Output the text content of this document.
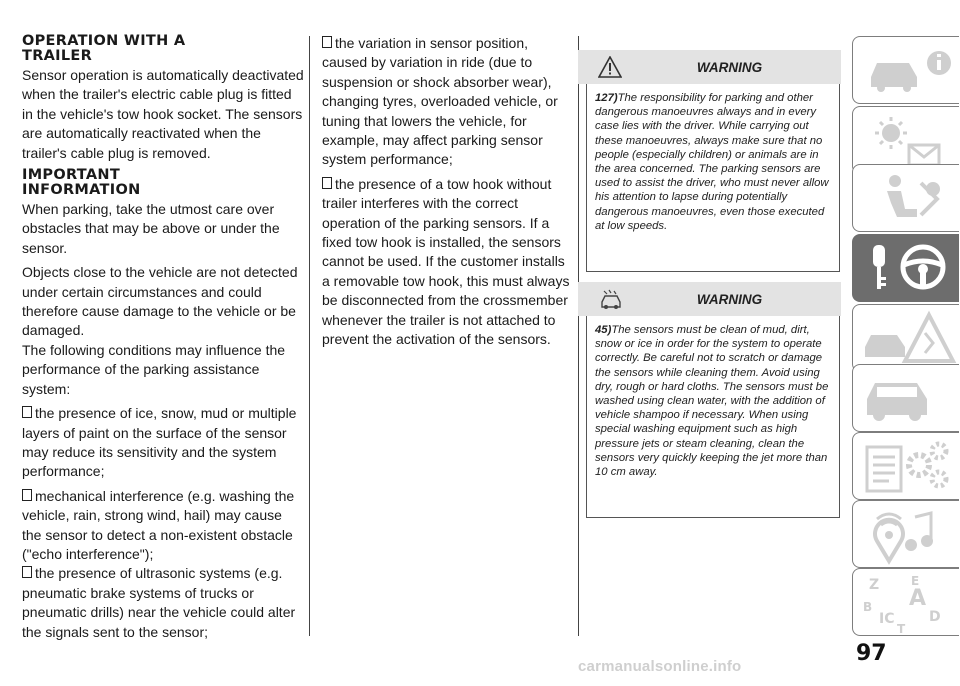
OPERATION WITH A TRAILER

Sensor operation is automatically deactivated when the trailer's electric cable plug is fitted in the vehicle's tow hook socket. The sensors are automatically reactivated when the trailer's cable plug is removed.

IMPORTANT INFORMATION

When parking, take the utmost care over obstacles that may be above or under the sensor.

Objects close to the vehicle are not detected under certain circumstances and could therefore cause damage to the vehicle or be damaged.

The following conditions may influence the performance of the parking assistance system:

the presence of ice, snow, mud or multiple layers of paint on the surface of the sensor may reduce its sensitivity and the system performance;

mechanical interference (e.g. washing the vehicle, rain, strong wind, hail) may cause the sensor to detect a non-existent obstacle ("echo interference");

the presence of ultrasonic systems (e.g. pneumatic brake systems of trucks or pneumatic drills) near the vehicle could alter the signals sent to the sensor;

the variation in sensor position, caused by variation in ride (due to suspension or shock absorber wear), changing tyres, overloaded vehicle, or tuning that lowers the vehicle, for example, may affect parking sensor system performance;

the presence of a tow hook without trailer interferes with the correct operation of the parking sensors. If a fixed tow hook is installed, the sensors cannot be used. If the customer installs a removable tow hook, this must always be disconnected from the crossmember whenever the trailer is not attached to prevent the activation of the sensors.

WARNING
127)The responsibility for parking and other dangerous manoeuvres always and in every case lies with the driver. While carrying out these manoeuvres, always make sure that no people (especially children) or animals are in the area concerned. The parking sensors are used to assist the driver, who must never allow his attention to lapse during potentially dangerous manoeuvres, even those executed at low speeds.
WARNING
45)The sensors must be clean of mud, dirt, snow or ice in order for the system to operate correctly. Be careful not to scratch or damage the sensors while cleaning them. Avoid using dry, rough or hard cloths. The sensors must be washed using clean water, with the addition of vehicle shampoo if necessary. When using special washing equipment such as high pressure jets or steam cleaning, clean the sensors very quickly keeping the jet more than 10 cm away.
Z	E
B
IC
A
D
T
97
carmanualsonline.info
